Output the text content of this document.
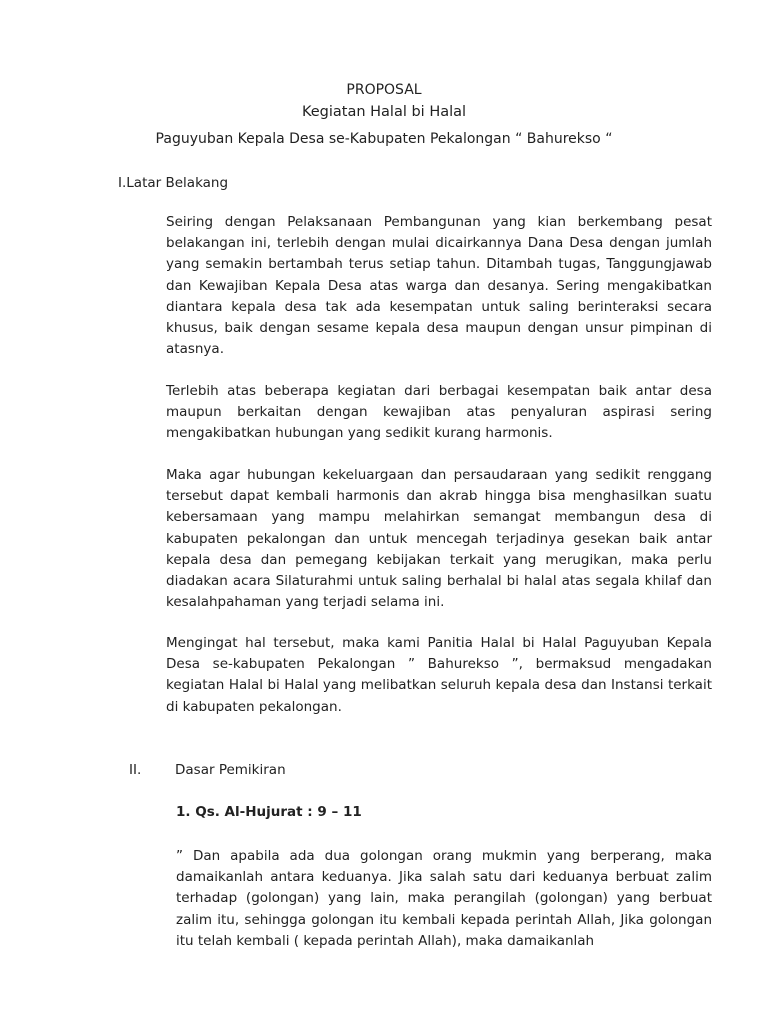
PROPOSAL
Kegiatan Halal bi Halal
Paguyuban Kepala Desa se-Kabupaten Pekalongan “ Bahurekso “
I.Latar Belakang
Seiring dengan Pelaksanaan Pembangunan yang kian berkembang pesat belakangan ini, terlebih dengan mulai dicairkannya Dana Desa dengan jumlah yang semakin bertambah terus setiap tahun. Ditambah tugas, Tanggungjawab dan Kewajiban Kepala Desa atas warga dan desanya. Sering mengakibatkan diantara kepala desa tak ada kesempatan untuk saling berinteraksi secara khusus, baik dengan sesame kepala desa maupun dengan unsur pimpinan di atasnya.
Terlebih atas beberapa kegiatan dari berbagai kesempatan baik antar desa maupun berkaitan dengan kewajiban atas penyaluran aspirasi sering mengakibatkan hubungan yang sedikit kurang harmonis.
Maka agar hubungan kekeluargaan dan persaudaraan yang sedikit renggang tersebut dapat kembali harmonis dan akrab hingga bisa menghasilkan suatu kebersamaan yang mampu melahirkan semangat membangun desa di kabupaten pekalongan dan untuk mencegah terjadinya gesekan baik antar kepala desa dan pemegang kebijakan terkait yang merugikan, maka perlu diadakan acara Silaturahmi untuk saling berhalal bi halal atas segala khilaf dan kesalahpahaman yang terjadi selama ini.
Mengingat hal tersebut, maka kami Panitia Halal bi Halal Paguyuban Kepala Desa se-kabupaten Pekalongan ” Bahurekso ”, bermaksud mengadakan kegiatan Halal bi Halal yang melibatkan seluruh kepala desa dan Instansi terkait di kabupaten pekalongan.
II. Dasar Pemikiran
1. Qs. Al-Hujurat : 9 – 11
” Dan apabila ada dua golongan orang mukmin yang berperang, maka damaikanlah antara keduanya. Jika salah satu dari keduanya berbuat zalim terhadap (golongan) yang lain, maka perangilah (golongan) yang berbuat zalim itu, sehingga golongan itu kembali kepada perintah Allah, Jika golongan itu telah kembali ( kepada perintah Allah), maka damaikanlah
